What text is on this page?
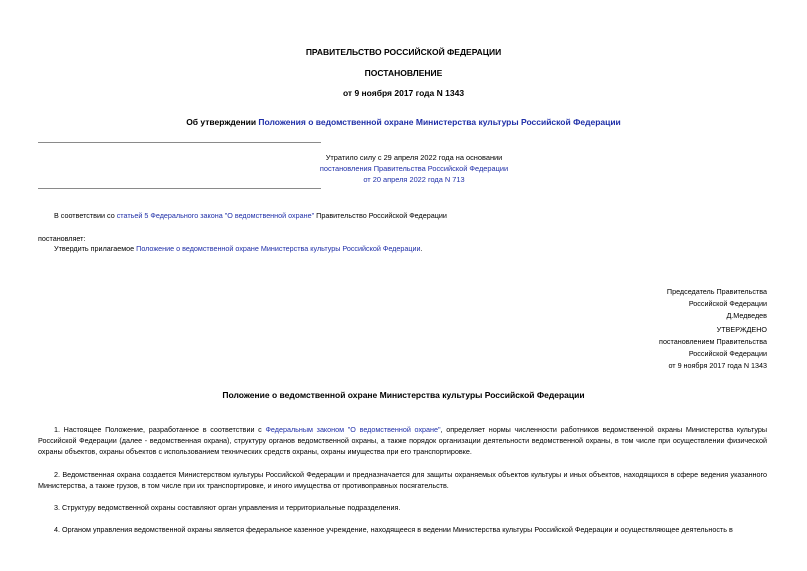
ПРАВИТЕЛЬСТВО РОССИЙСКОЙ ФЕДЕРАЦИИ
ПОСТАНОВЛЕНИЕ
от 9 ноября 2017 года N 1343
Об утверждении Положения о ведомственной охране Министерства культуры Российской Федерации
Утратило силу с 29 апреля 2022 года на основании
постановления Правительства Российской Федерации
от 20 апреля 2022 года N 713
В соответствии со статьей 5 Федерального закона "О ведомственной охране" Правительство Российской Федерации
постановляет:
Утвердить прилагаемое Положение о ведомственной охране Министерства культуры Российской Федерации.
Председатель Правительства
Российской Федерации
Д.Медведев
УТВЕРЖДЕНО
постановлением Правительства
Российской Федерации
от 9 ноября 2017 года N 1343
Положение о ведомственной охране Министерства культуры Российской Федерации
1. Настоящее Положение, разработанное в соответствии с Федеральным законом "О ведомственной охране", определяет нормы численности работников ведомственной охраны Министерства культуры Российской Федерации (далее - ведомственная охрана), структуру органов ведомственной охраны, а также порядок организации деятельности ведомственной охраны, в том числе при осуществлении физической охраны объектов, охраны объектов с использованием технических средств охраны, охраны имущества при его транспортировке.
2. Ведомственная охрана создается Министерством культуры Российской Федерации и предназначается для защиты охраняемых объектов культуры и иных объектов, находящихся в сфере ведения указанного Министерства, а также грузов, в том числе при их транспортировке, и иного имущества от противоправных посягательств.
3. Структуру ведомственной охраны составляют орган управления и территориальные подразделения.
4. Органом управления ведомственной охраны является федеральное казенное учреждение, находящееся в ведении Министерства культуры Российской Федерации и осуществляющее деятельность в
